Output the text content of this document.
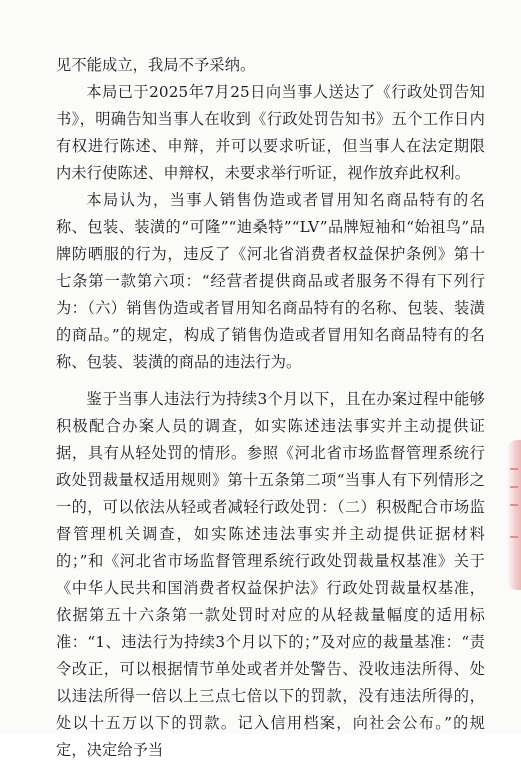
见不能成立，我局不予采纳。

本局已于2025年7月25日向当事人送达了《行政处罚告知书》，明确告知当事人在收到《行政处罚告知书》五个工作日内有权进行陈述、申辩，并可以要求听证，但当事人在法定期限内未行使陈述、申辩权，未要求举行听证，视作放弃此权利。

本局认为，当事人销售伪造或者冒用知名商品特有的名称、包装、装潢的“可隆”“迪桑特”“LV”品牌短袖和“始祖鸟”品牌防晒服的行为，违反了《河北省消费者权益保护条例》第十七条第一款第六项：“经营者提供商品或者服务不得有下列行为：（六）销售伪造或者冒用知名商品特有的名称、包装、装潢的商品。”的规定，构成了销售伪造或者冒用知名商品特有的名称、包装、装潢的商品的违法行为。

鉴于当事人违法行为持续3个月以下，且在办案过程中能够积极配合办案人员的调查，如实陈述违法事实并主动提供证据，具有从轻处罚的情形。参照《河北省市场监督管理系统行政处罚裁量权适用规则》第十五条第二项“当事人有下列情形之一的，可以依法从轻或者减轻行政处罚：（二）积极配合市场监督管理机关调查，如实陈述违法事实并主动提供证据材料的；”和《河北省市场监督管理系统行政处罚裁量权基准》关于《中华人民共和国消费者权益保护法》行政处罚裁量权基准，依据第五十六条第一款处罚时对应的从轻裁量幅度的适用标准：“1、违法行为持续3个月以下的；”及对应的裁量基准：“责令改正，可以根据情节单处或者并处警告、没收违法所得、处以违法所得一倍以上三点七倍以下的罚款，没有违法所得的，处以十五万以下的罚款。记入信用档案，向社会公布。”的规定，决定给予当
